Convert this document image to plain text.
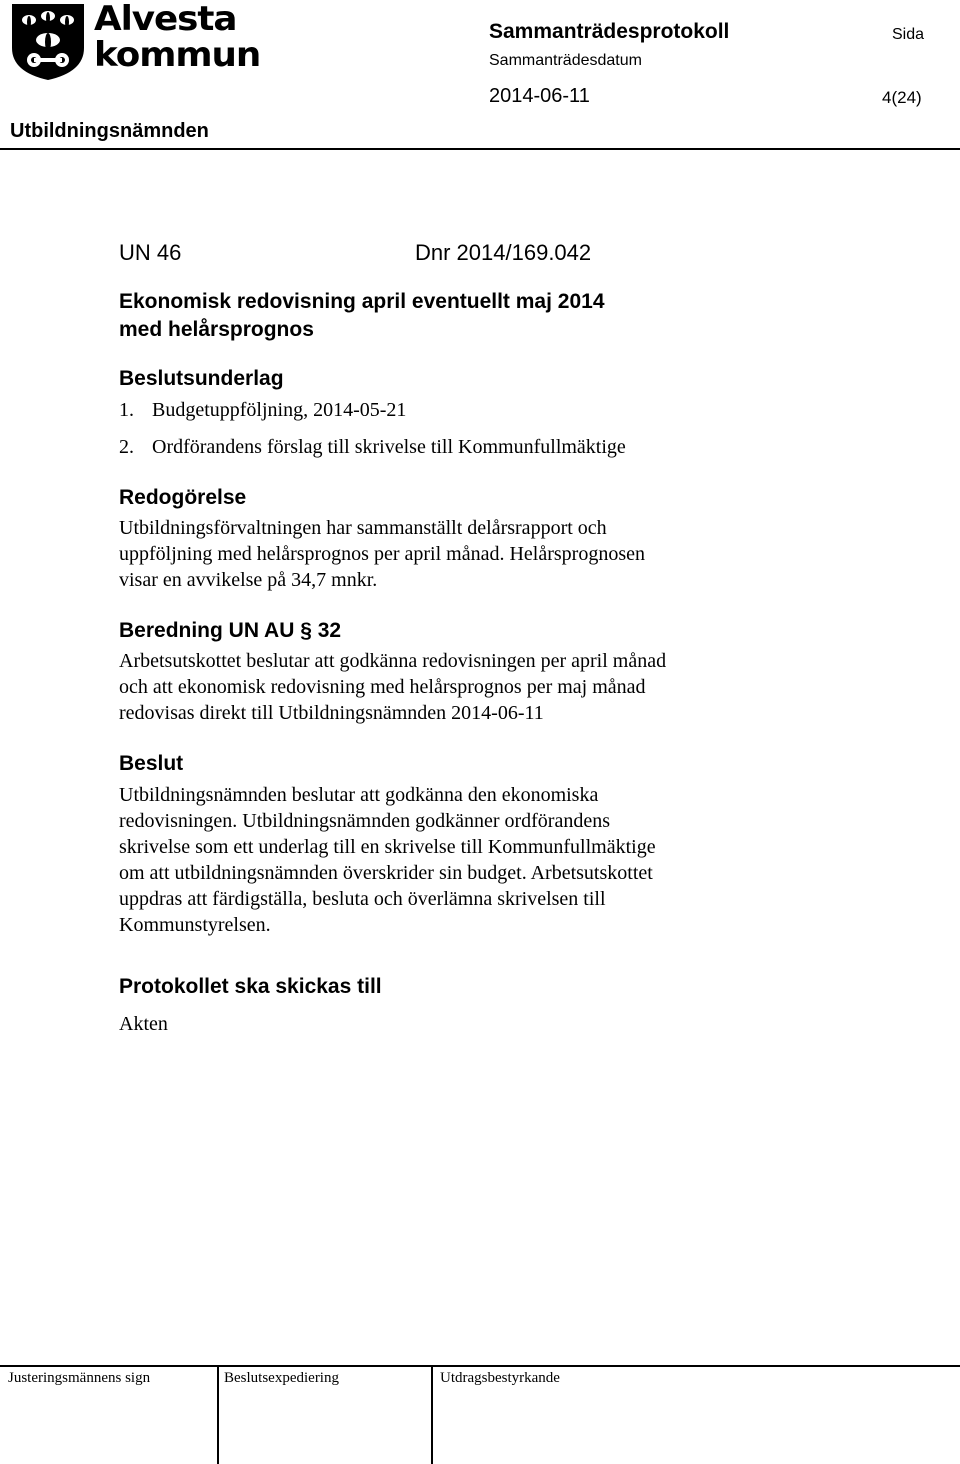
Alvesta
kommun
Sammanträdesprotokoll	Sida
Sammanträdesdatum
2014-06-11	4(24)
Utbildningsnämnden
UN 46	Dnr 2014/169.042
Ekonomisk redovisning april eventuellt maj 2014
med helårsprognos
Beslutsunderlag
1. Budgetuppföljning, 2014-05-21
2. Ordförandens förslag till skrivelse till Kommunfullmäktige
Redogörelse
Utbildningsförvaltningen har sammanställt delårsrapport och
uppföljning med helårsprognos per april månad. Helårsprognosen
visar en avvikelse på 34,7 mnkr.
Beredning UN AU § 32
Arbetsutskottet beslutar att godkänna redovisningen per april månad
och att ekonomisk redovisning med helårsprognos per maj månad
redovisas direkt till Utbildningsnämnden 2014-06-11
Beslut
Utbildningsnämnden beslutar att godkänna den ekonomiska
redovisningen. Utbildningsnämnden godkänner ordförandens
skrivelse som ett underlag till en skrivelse till Kommunfullmäktige
om att utbildningsnämnden överskrider sin budget. Arbetsutskottet
uppdras att färdigställa, besluta och överlämna skrivelsen till
Kommunstyrelsen.
Protokollet ska skickas till
Akten
Justeringsmännens sign	Beslutsexpediering	Utdragsbestyrkande
